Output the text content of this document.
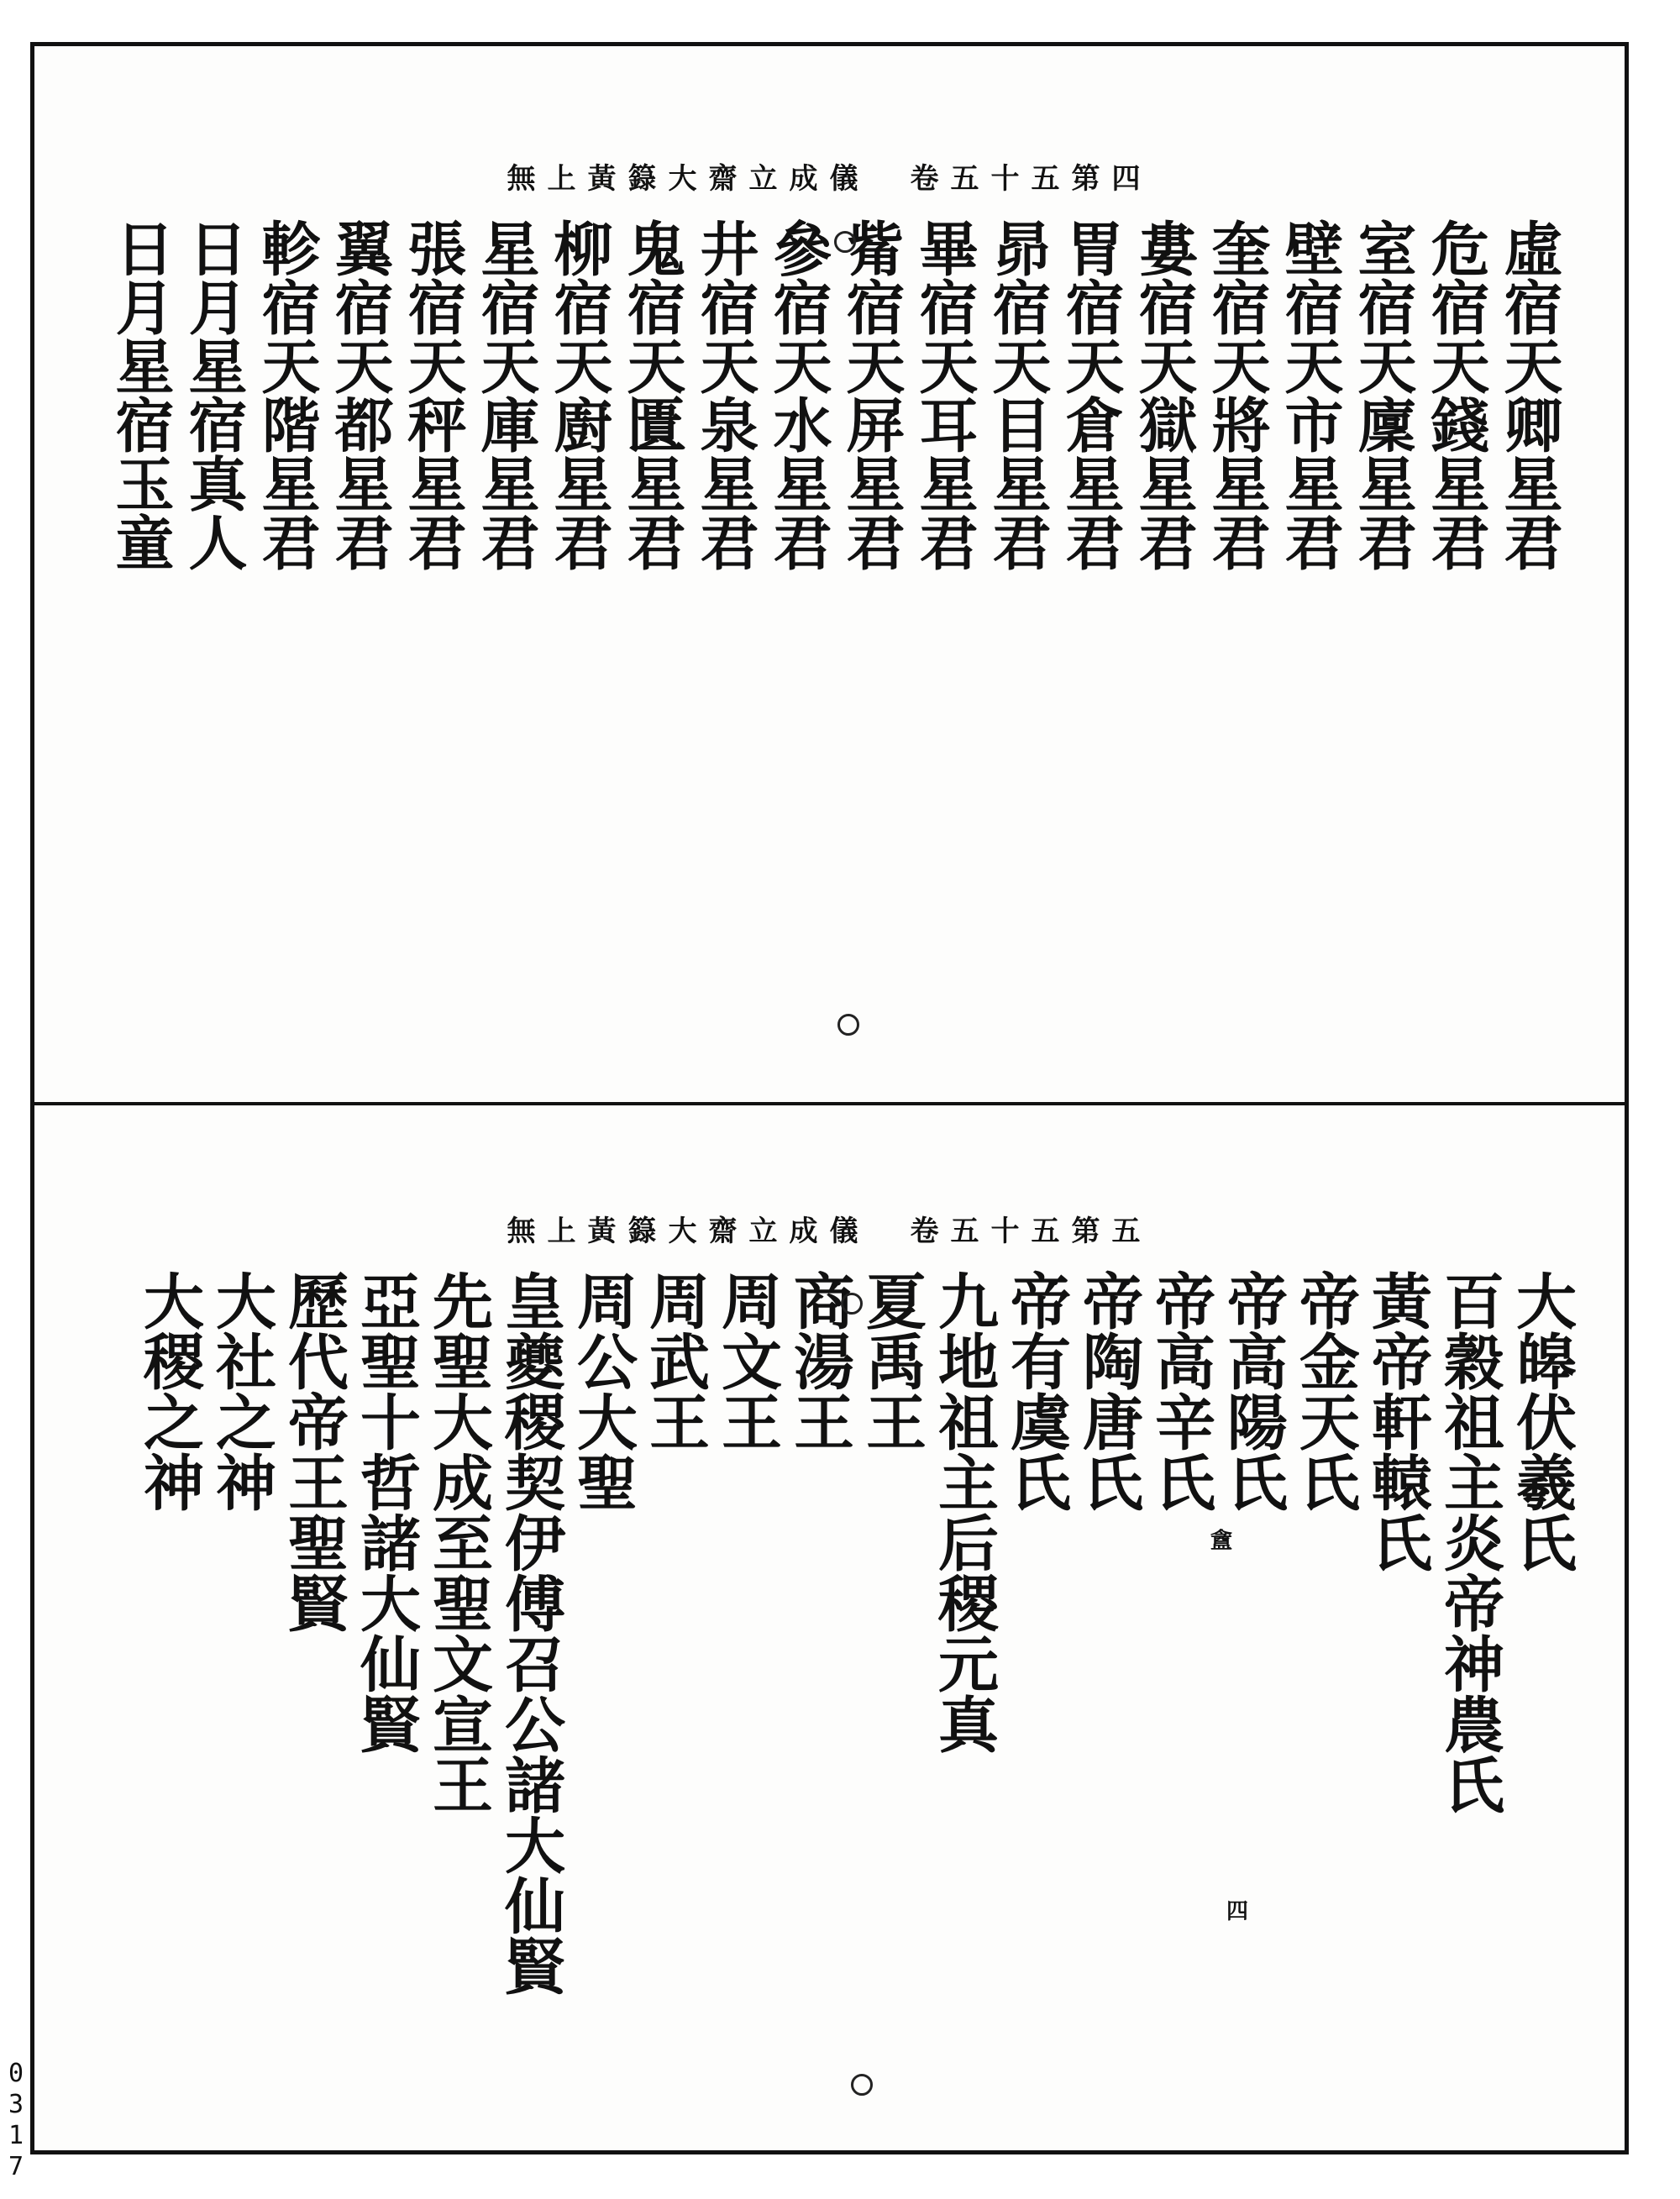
無上黃籙大齋立成儀　卷五十五第四
虛宿天卿星君
危宿天錢星君
室宿天廩星君
壁宿天市星君
奎宿天將星君
婁宿天獄星君
胃宿天倉星君
昴宿天目星君
畢宿天耳星君
觜宿天屏星君
參宿天水星君
井宿天泉星君
鬼宿天匱星君
柳宿天廚星君
星宿天庫星君
張宿天秤星君
翼宿天都星君
軫宿天階星君
日月星宿真人
日月星宿玉童
無上黃籙大齋立成儀　卷五十五第五
大皞伏羲氏
百穀祖主炎帝神農氏
黃帝軒轅氏
帝金天氏
帝高陽氏
帝高辛氏
帝陶唐氏
帝有虞氏
九地祖主后稷元真
夏禹王
商湯王
周文王
周武王
周公大聖
皇夔稷契伊傅召公諸大仙賢
先聖大成至聖文宣王
亞聖十哲諸大仙賢
歷代帝王聖賢
大社之神
大稷之神
盦
四
0
3
1
7
